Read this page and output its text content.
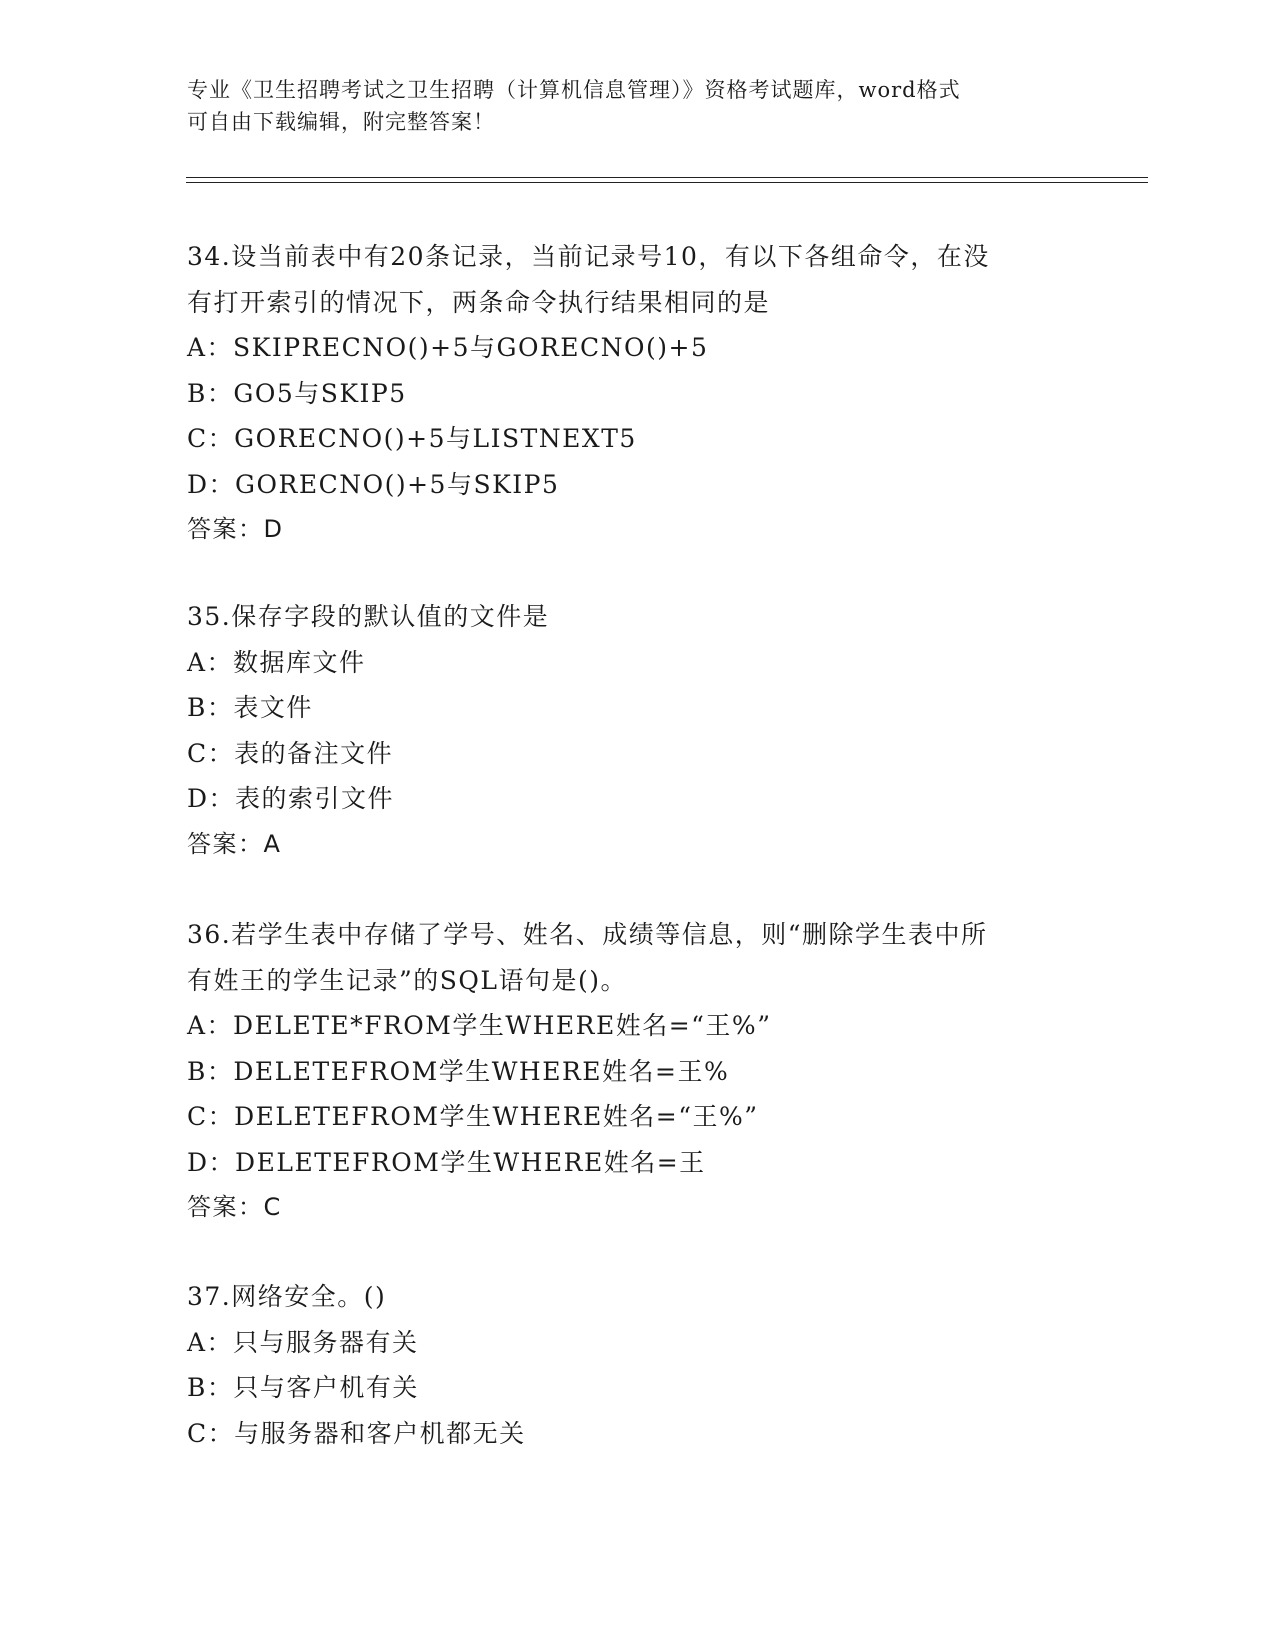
专业《卫生招聘考试之卫生招聘（计算机信息管理）》资格考试题库，word格式
可自由下载编辑，附完整答案！
34.设当前表中有20条记录，当前记录号10，有以下各组命令，在没
有打开索引的情况下，两条命令执行结果相同的是
A：SKIPRECNO()+5与GORECNO()+5
B：GO5与SKIP5
C：GORECNO()+5与LISTNEXT5
D：GORECNO()+5与SKIP5
答案：D
35.保存字段的默认值的文件是
A：数据库文件
B：表文件
C：表的备注文件
D：表的索引文件
答案：A
36.若学生表中存储了学号、姓名、成绩等信息，则“删除学生表中所
有姓王的学生记录”的SQL语句是()。
A：DELETE*FROM学生WHERE姓名=“王%”
B：DELETEFROM学生WHERE姓名=王%
C：DELETEFROM学生WHERE姓名=“王%”
D：DELETEFROM学生WHERE姓名=王
答案：C
37.网络安全。()
A：只与服务器有关
B：只与客户机有关
C：与服务器和客户机都无关
